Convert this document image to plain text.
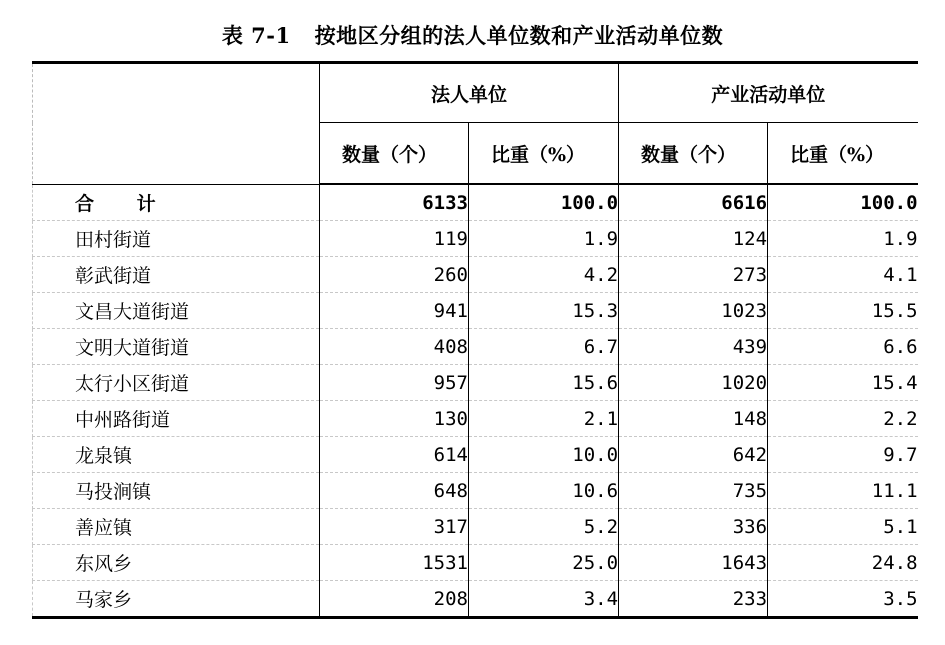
表 7-1 按地区分组的法人单位数和产业活动单位数
	法人单位		产业活动单位	
	数量（个）	比重（%）	数量（个）	比重（%）
合 计	6133	100.0	6616	100.0
田村街道	119	1.9	124	1.9
彰武街道	260	4.2	273	4.1
文昌大道街道	941	15.3	1023	15.5
文明大道街道	408	6.7	439	6.6
太行小区街道	957	15.6	1020	15.4
中州路街道	130	2.1	148	2.2
龙泉镇	614	10.0	642	9.7
马投涧镇	648	10.6	735	11.1
善应镇	317	5.2	336	5.1
东风乡	1531	25.0	1643	24.8
马家乡	208	3.4	233	3.5
